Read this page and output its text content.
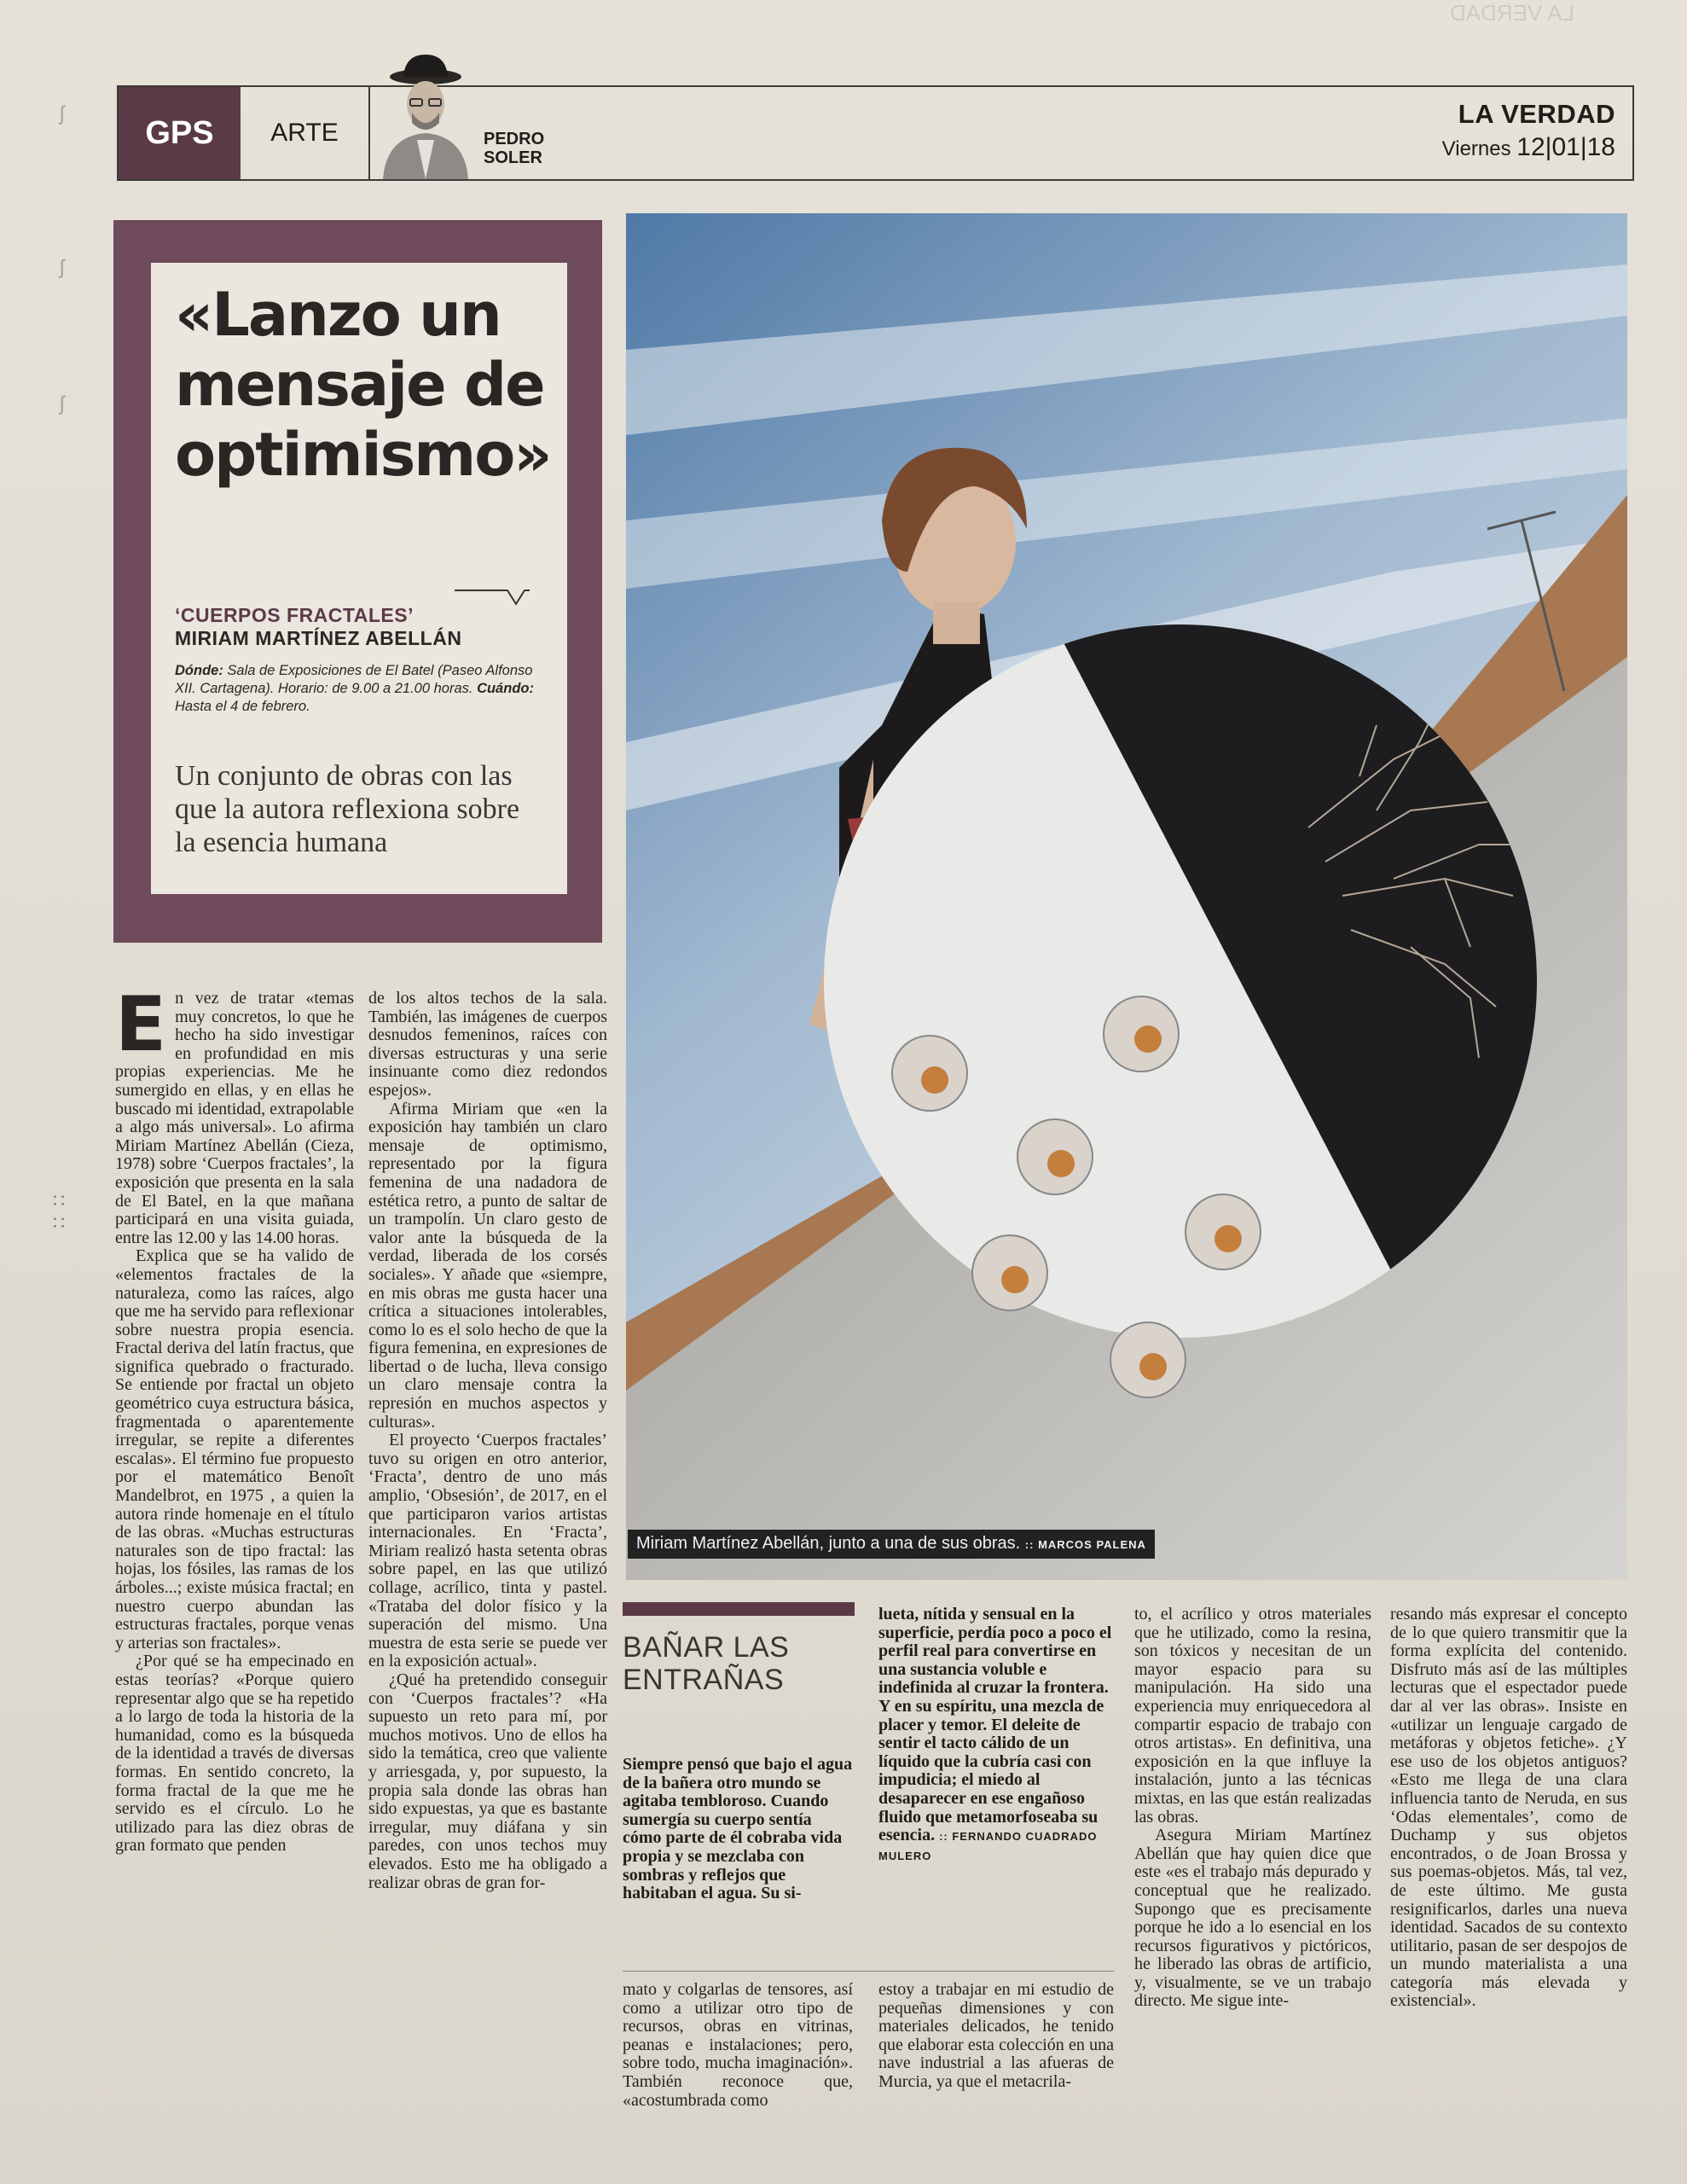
LA VERDAD
ʃ
ʃ
ʃ
∷
∷
GPS	ARTE	PEDRO
SOLER
LA VERDAD
Viernes 12|01|18
«Lanzo un mensaje de optimismo»
‘CUERPOS FRACTALES’
MIRIAM MARTÍNEZ ABELLÁN
Dónde: Sala de Exposiciones de El Batel (Paseo Alfonso XII. Cartagena). Horario: de 9.00 a 21.00 horas. Cuándo: Hasta el 4 de febrero.
Un conjunto de obras con las que la autora reflexiona sobre la esencia humana
Miriam Martínez Abellán, junto a una de sus obras. :: MARCOS PALENA

En vez de tratar «temas muy concretos, lo que he hecho ha sido investigar en profundidad en mis propias experiencias. Me he sumergido en ellas, y en ellas he buscado mi identidad, extrapolable a algo más universal». Lo afirma Miriam Martínez Abellán (Cieza, 1978) sobre ‘Cuerpos fractales’, la exposición que presenta en la sala de El Batel, en la que mañana participará en una visita guiada, entre las 12.00 y las 14.00 horas.

Explica que se ha valido de «elementos fractales de la naturaleza, como las raíces, algo que me ha servido para reflexionar sobre nuestra propia esencia. Fractal deriva del latín fractus, que significa quebrado o fracturado. Se entiende por fractal un objeto geométrico cuya estructura básica, fragmentada o aparentemente irregular, se repite a diferentes escalas». El término fue propuesto por el matemático Benoît Mandelbrot, en 1975 , a quien la autora rinde homenaje en el título de las obras. «Muchas estructuras naturales son de tipo fractal: las hojas, los fósiles, las ramas de los árboles...; existe música fractal; en nuestro cuerpo abundan las estructuras fractales, porque venas y arterias son fractales».

¿Por qué se ha empecinado en estas teorías? «Porque quiero representar algo que se ha repetido a lo largo de toda la historia de la humanidad, como es la búsqueda de la identidad a través de diversas formas. En sentido concreto, la forma fractal de la que me he servido es el círculo. Lo he utilizado para las diez obras de gran formato que penden

de los altos techos de la sala. También, las imágenes de cuerpos desnudos femeninos, raíces con diversas estructuras y una serie insinuante como diez redondos espejos».

Afirma Miriam que «en la exposición hay también un claro mensaje de optimismo, representado por la figura femenina de una nadadora de estética retro, a punto de saltar de un trampolín. Un claro gesto de valor ante la búsqueda de la verdad, liberada de los corsés sociales». Y añade que «siempre, en mis obras me gusta hacer una crítica a situaciones intolerables, como lo es el solo hecho de que la figura femenina, en expresiones de libertad o de lucha, lleva consigo un claro mensaje contra la represión en muchos aspectos y culturas».

El proyecto ‘Cuerpos fractales’ tuvo su origen en otro anterior, ‘Fracta’, dentro de uno más amplio, ‘Obsesión’, de 2017, en el que participaron varios artistas internacionales. En ‘Fracta’, Miriam realizó hasta setenta obras sobre papel, en las que utilizó collage, acrílico, tinta y pastel. «Trataba del dolor físico y la superación del mismo. Una muestra de esta serie se puede ver en la exposición actual».

¿Qué ha pretendido conseguir con ‘Cuerpos fractales’? «Ha supuesto un reto para mí, por muchos motivos. Uno de ellos ha sido la temática, creo que valiente y arriesgada, y, por supuesto, la propia sala donde las obras han sido expuestas, ya que es bastante irregular, muy diáfana y sin paredes, con unos techos muy elevados. Esto me ha obligado a realizar obras de gran for-

BAÑAR LAS ENTRAÑAS
Siempre pensó que bajo el agua de la bañera otro mundo se agitaba tembloroso. Cuando sumergía su cuerpo sentía cómo parte de él cobraba vida propia y se mezclaba con sombras y reflejos que habitaban el agua. Su si-
lueta, nítida y sensual en la superficie, perdía poco a poco el perfil real para convertirse en una sustancia voluble e indefinida al cruzar la frontera. Y en su espíritu, una mezcla de placer y temor. El deleite de sentir el tacto cálido de un líquido que la cubría casi con impudicia; el miedo al desaparecer en ese engañoso fluido que metamorfoseaba su esencia. :: FERNANDO CUADRADO MULERO

mato y colgarlas de tensores, así como a utilizar otro tipo de recursos, obras en vitrinas, peanas e instalaciones; pero, sobre todo, mucha imaginación». También reconoce que, «acostumbrada como

estoy a trabajar en mi estudio de pequeñas dimensiones y con materiales delicados, he tenido que elaborar esta colección en una nave industrial a las afueras de Murcia, ya que el metacrila-

to, el acrílico y otros materiales que he utilizado, como la resina, son tóxicos y necesitan de un mayor espacio para su manipulación. Ha sido una experiencia muy enriquecedora al compartir espacio de trabajo con otros artistas». En definitiva, una exposición en la que influye la instalación, junto a las técnicas mixtas, en las que están realizadas las obras.

Asegura Miriam Martínez Abellán que hay quien dice que este «es el trabajo más depurado y conceptual que he realizado. Supongo que es precisamente porque he ido a lo esencial en los recursos figurativos y pictóricos, he liberado las obras de artificio, y, visualmente, se ve un trabajo directo. Me sigue inte-

resando más expresar el concepto de lo que quiero transmitir que la forma explícita del contenido. Disfruto más así de las múltiples lecturas que el espectador puede dar al ver las obras». Insiste en «utilizar un lenguaje cargado de metáforas y objetos fetiche». ¿Y ese uso de los objetos antiguos? «Esto me llega de una clara influencia tanto de Neruda, en sus ‘Odas elementales’, como de Duchamp y sus objetos encontrados, o de Joan Brossa y sus poemas-objetos. Más, tal vez, de este último. Me gusta resignificarlos, darles una nueva identidad. Sacados de su contexto utilitario, pasan de ser despojos de un mundo materialista a una categoría más elevada y existencial».
